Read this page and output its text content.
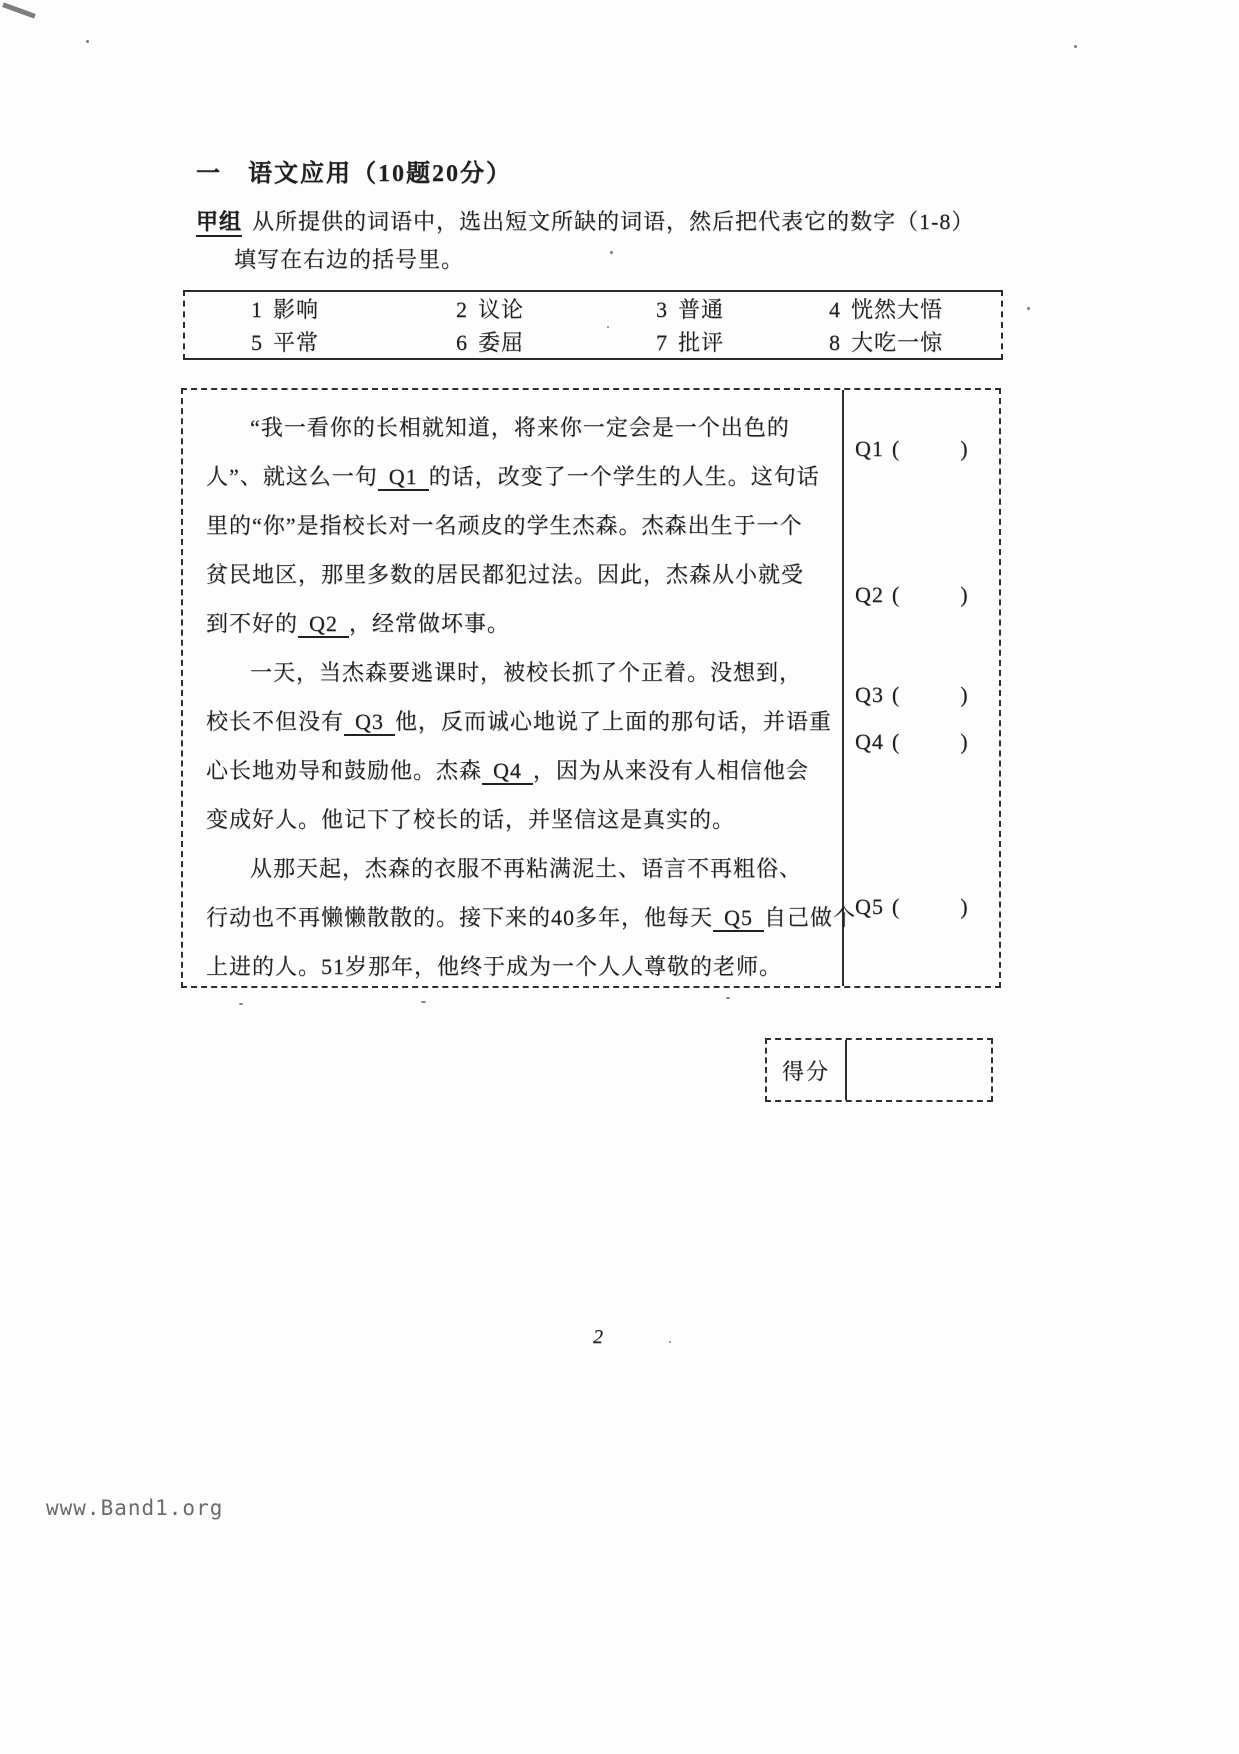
一　语文应用（10题20分）
甲组 从所提供的词语中，选出短文所缺的词语，然后把代表它的数字（1-8）
填写在右边的括号里。
1 影响	2 议论	3 普通	4 恍然大悟
5 平常	6 委屈	7 批评	8 大吃一惊
“我一看你的长相就知道，将来你一定会是一个出色的
人”、就这么一句 Q1 的话，改变了一个学生的人生。这句话
里的“你”是指校长对一名顽皮的学生杰森。杰森出生于一个
贫民地区，那里多数的居民都犯过法。因此，杰森从小就受
到不好的 Q2 ，经常做坏事。
一天，当杰森要逃课时，被校长抓了个正着。没想到，
校长不但没有 Q3 他，反而诚心地说了上面的那句话，并语重
心长地劝导和鼓励他。杰森 Q4 ，因为从来没有人相信他会
变成好人。他记下了校长的话，并坚信这是真实的。
从那天起，杰森的衣服不再粘满泥土、语言不再粗俗、
行动也不再懒懒散散的。接下来的40多年，他每天 Q5 自己做个
上进的人。51岁那年，他终于成为一个人人尊敬的老师。
Q1 (	)
Q2 (	)
Q3 (	)
Q4 (	)
Q5 (	)
得分
2
www.Band1.org
